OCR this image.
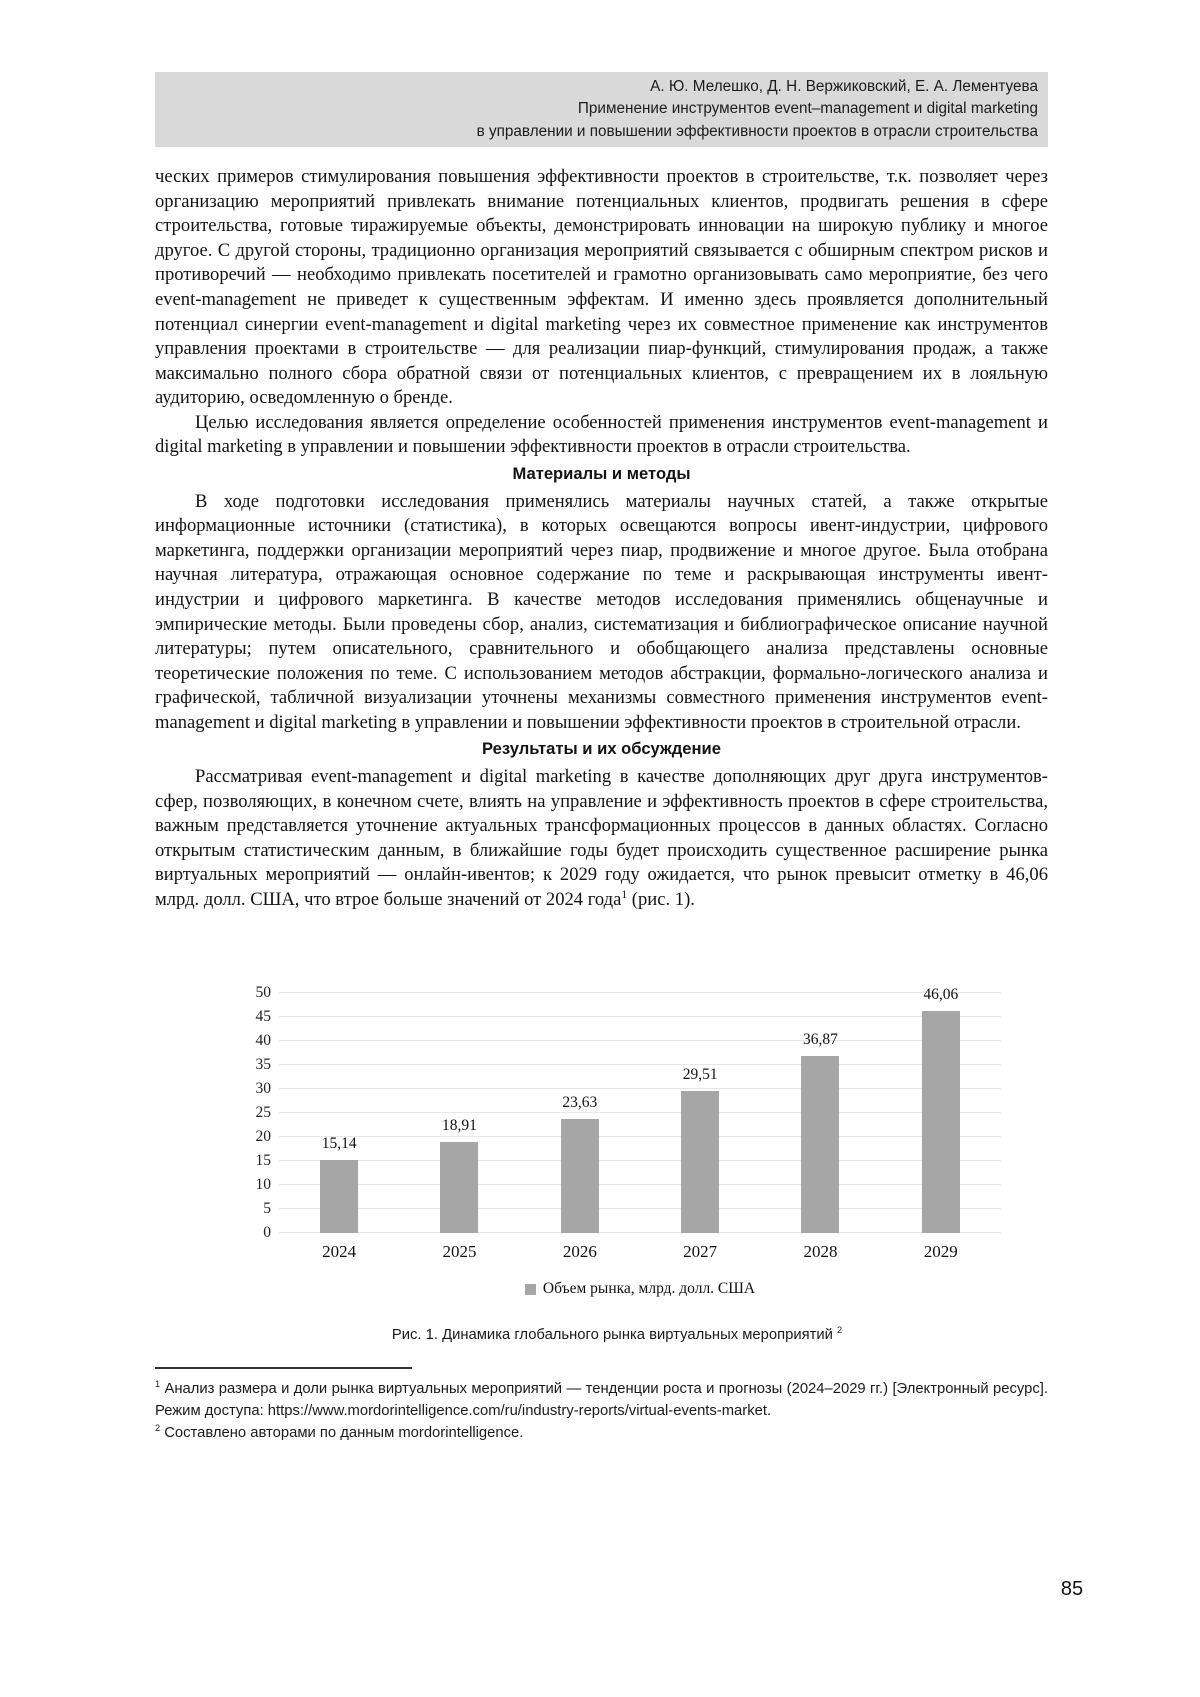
А. Ю. Мелешко, Д. Н. Вержиковский, Е. А. Лементуева
Применение инструментов event–management и digital marketing
в управлении и повышении эффективности проектов в отрасли строительства

ческих примеров стимулирования повышения эффективности проектов в строительстве, т.к. позволяет через организацию мероприятий привлекать внимание потенциальных клиентов, продвигать решения в сфере строительства, готовые тиражируемые объекты, демонстрировать инновации на широкую публику и многое другое. С другой стороны, традиционно организация мероприятий связывается с обширным спектром рисков и противоречий — необходимо привлекать посетителей и грамотно организовывать само мероприятие, без чего event-management не приведет к существенным эффектам. И именно здесь проявляется дополнительный потенциал синергии event-management и digital marketing через их совместное применение как инструментов управления проектами в строительстве — для реализации пиар-функций, стимулирования продаж, а также максимально полного сбора обратной связи от потенциальных клиентов, с превращением их в лояльную аудиторию, осведомленную о бренде.

Целью исследования является определение особенностей применения инструментов event-management и digital marketing в управлении и повышении эффективности проектов в отрасли строительства.

Материалы и методы

В ходе подготовки исследования применялись материалы научных статей, а также открытые информационные источники (статистика), в которых освещаются вопросы ивент-индустрии, цифрового маркетинга, поддержки организации мероприятий через пиар, продвижение и многое другое. Была отобрана научная литература, отражающая основное содержание по теме и раскрывающая инструменты ивент-индустрии и цифрового маркетинга. В качестве методов исследования применялись общенаучные и эмпирические методы. Были проведены сбор, анализ, систематизация и библиографическое описание научной литературы; путем описательного, сравнительного и обобщающего анализа представлены основные теоретические положения по теме. С использованием методов абстракции, формально-логического анализа и графической, табличной визуализации уточнены механизмы совместного применения инструментов event-management и digital marketing в управлении и повышении эффективности проектов в строительной отрасли.

Результаты и их обсуждение

Рассматривая event-management и digital marketing в качестве дополняющих друг друга инструментов-сфер, позволяющих, в конечном счете, влиять на управление и эффективность проектов в сфере строительства, важным представляется уточнение актуальных трансформационных процессов в данных областях. Согласно открытым статистическим данным, в ближайшие годы будет происходить существенное расширение рынка виртуальных мероприятий — онлайн-ивентов; к 2029 году ожидается, что рынок превысит отметку в 46,06 млрд. долл. США, что втрое больше значений от 2024 года$^1$ (рис. 1).

15,14
18,91
23,63
29,51
36,87
46,06
0
5
10
15
20
25
30
35
40
45
50
2024	2025	2026	2027	2028	2029
Объем рынка, млрд. долл. США
Рис. 1. Динамика глобального рынка виртуальных мероприятий $^2$

$^1$ Анализ размера и доли рынка виртуальных мероприятий — тенденции роста и прогнозы (2024–2029 гг.) [Электронный ресурс]. Режим доступа: https://www.mordorintelligence.com/ru/industry-reports/virtual-events-market.

$^2$ Составлено авторами по данным mordorintelligence.

85
